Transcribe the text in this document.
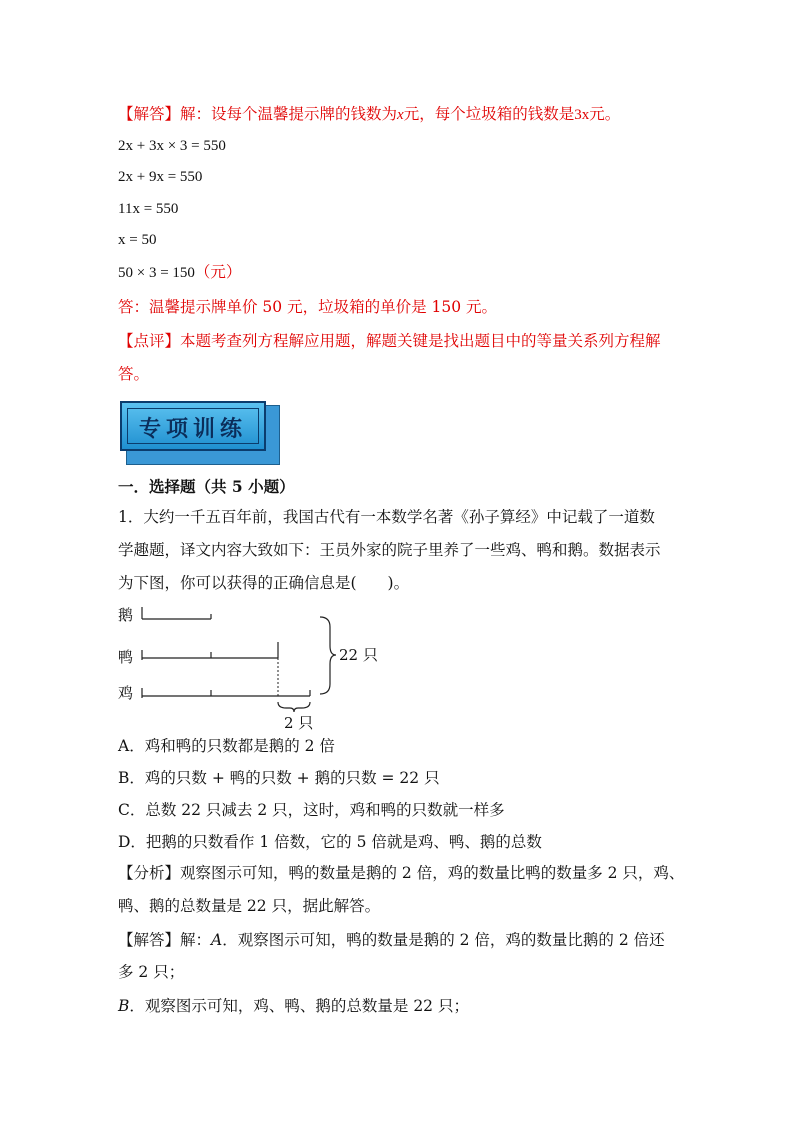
【解答】解：设每个温馨提示牌的钱数为x元，每个垃圾箱的钱数是3x元。
2x + 3x × 3 = 550
2x + 9x = 550
11x = 550
x = 50
50 × 3 = 150（元）
答：温馨提示牌单价 50 元，垃圾箱的单价是 150 元。
【点评】本题考查列方程解应用题，解题关键是找出题目中的等量关系列方程解
答。
专项训练
一．选择题（共 5 小题）
1．大约一千五百年前，我国古代有一本数学名著《孙子算经》中记载了一道数
学趣题，译文内容大致如下：王员外家的院子里养了一些鸡、鸭和鹅。数据表示
为下图，你可以获得的正确信息是(　　)。
鹅
鸭
鸡
2 只
22 只
A．鸡和鸭的只数都是鹅的 2 倍
B．鸡的只数 + 鸭的只数 + 鹅的只数 = 22 只
C．总数 22 只减去 2 只，这时，鸡和鸭的只数就一样多
D．把鹅的只数看作 1 倍数，它的 5 倍就是鸡、鸭、鹅的总数
【分析】观察图示可知，鸭的数量是鹅的 2 倍，鸡的数量比鸭的数量多 2 只，鸡、
鸭、鹅的总数量是 22 只，据此解答。
【解答】解：A．观察图示可知，鸭的数量是鹅的 2 倍，鸡的数量比鹅的 2 倍还
多 2 只；
B．观察图示可知，鸡、鸭、鹅的总数量是 22 只；
